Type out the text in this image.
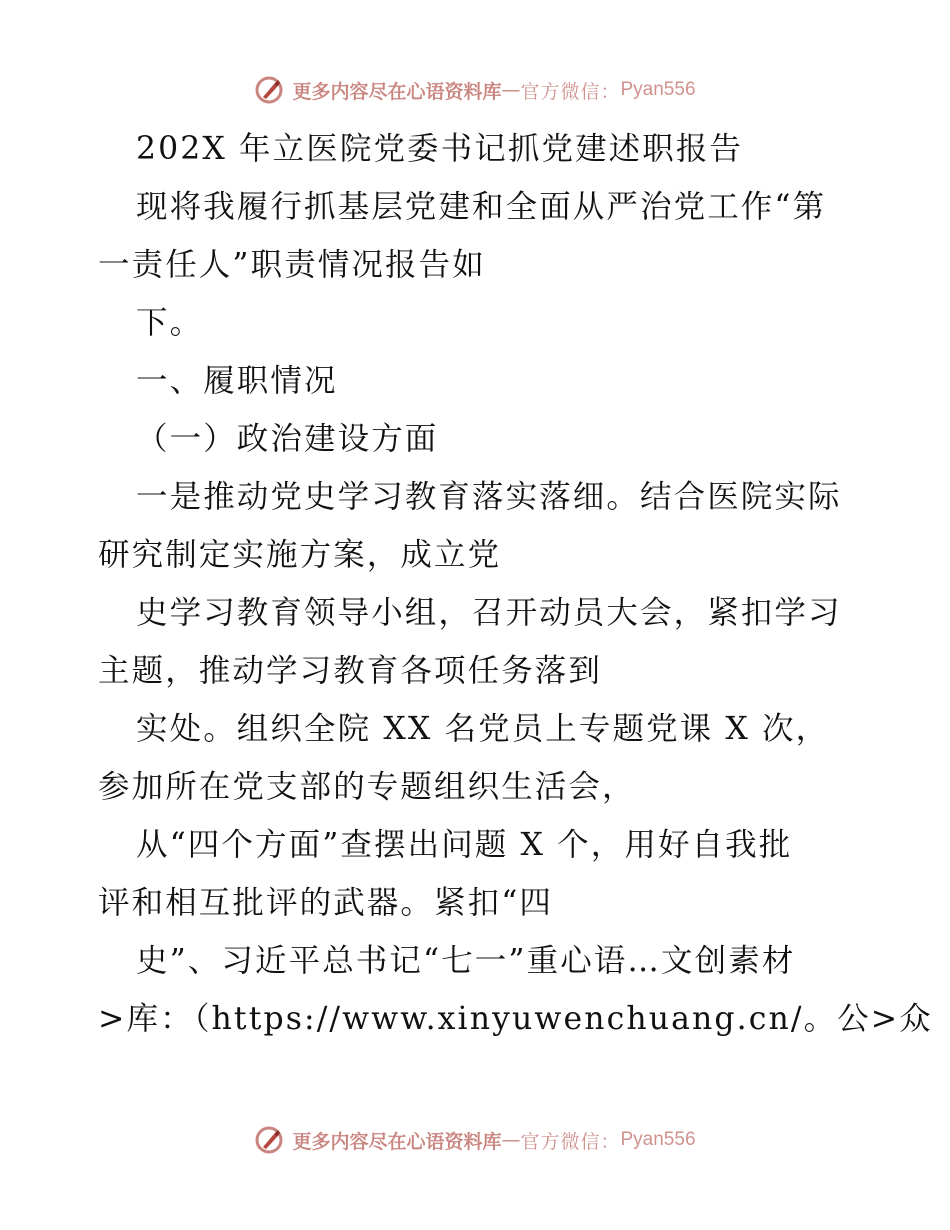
更多内容尽在心语资料库 — 官方微信： Pyan556
202X 年立医院党委书记抓党建述职报告
现将我履行抓基层党建和全面从严治党工作“第
一责任人”职责情况报告如
下。
一、履职情况
（一）政治建设方面
一是推动党史学习教育落实落细。结合医院实际
研究制定实施方案，成立党
史学习教育领导小组，召开动员大会，紧扣学习
主题，推动学习教育各项任务落到
实处。组织全院 XX 名党员上专题党课 X 次，
参加所在党支部的专题组织生活会，
从“四个方面”查摆出问题 X 个，用好自我批
评和相互批评的武器。紧扣“四
史”、习近平总书记“七一”重心语…文创素材
>库：（https://www.xinyuwenchuang.cn/。公>众
更多内容尽在心语资料库 — 官方微信： Pyan556
